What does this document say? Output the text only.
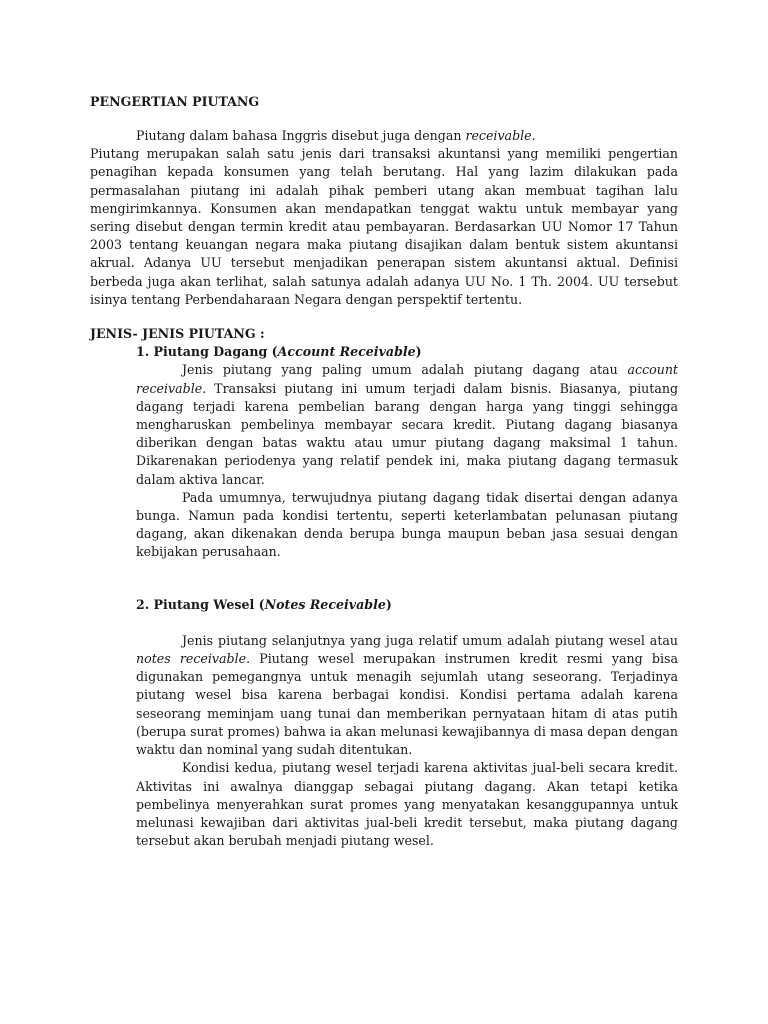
PENGERTIAN PIUTANG

Piutang dalam bahasa Inggris disebut juga dengan receivable.

Piutang merupakan salah satu jenis dari transaksi akuntansi yang memiliki pengertian penagihan kepada konsumen yang telah berutang. Hal yang lazim dilakukan pada permasalahan piutang ini adalah pihak pemberi utang akan membuat tagihan lalu mengirimkannya. Konsumen akan mendapatkan tenggat waktu untuk membayar yang sering disebut dengan termin kredit atau pembayaran. Berdasarkan UU Nomor 17 Tahun 2003 tentang keuangan negara maka piutang disajikan dalam bentuk sistem akuntansi akrual. Adanya UU tersebut menjadikan penerapan sistem akuntansi aktual. Definisi berbeda juga akan terlihat, salah satunya adalah adanya UU No. 1 Th. 2004. UU tersebut isinya tentang Perbendaharaan Negara dengan perspektif tertentu.

JENIS- JENIS PIUTANG :
1. Piutang Dagang (Account Receivable)

Jenis piutang yang paling umum adalah piutang dagang atau account receivable. Transaksi piutang ini umum terjadi dalam bisnis. Biasanya, piutang dagang terjadi karena pembelian barang dengan harga yang tinggi sehingga mengharuskan pembelinya membayar secara kredit. Piutang dagang biasanya diberikan dengan batas waktu atau umur piutang dagang maksimal 1 tahun. Dikarenakan periodenya yang relatif pendek ini, maka piutang dagang termasuk dalam aktiva lancar.

Pada umumnya, terwujudnya piutang dagang tidak disertai dengan adanya bunga. Namun pada kondisi tertentu, seperti keterlambatan pelunasan piutang dagang, akan dikenakan denda berupa bunga maupun beban jasa sesuai dengan kebijakan perusahaan.

2. Piutang Wesel (Notes Receivable)

Jenis piutang selanjutnya yang juga relatif umum adalah piutang wesel atau notes receivable. Piutang wesel merupakan instrumen kredit resmi yang bisa digunakan pemegangnya untuk menagih sejumlah utang seseorang. Terjadinya piutang wesel bisa karena berbagai kondisi. Kondisi pertama adalah karena seseorang meminjam uang tunai dan memberikan pernyataan hitam di atas putih (berupa surat promes) bahwa ia akan melunasi kewajibannya di masa depan dengan waktu dan nominal yang sudah ditentukan.

Kondisi kedua, piutang wesel terjadi karena aktivitas jual-beli secara kredit. Aktivitas ini awalnya dianggap sebagai piutang dagang. Akan tetapi ketika pembelinya menyerahkan surat promes yang menyatakan kesanggupannya untuk melunasi kewajiban dari aktivitas jual-beli kredit tersebut, maka piutang dagang tersebut akan berubah menjadi piutang wesel.
